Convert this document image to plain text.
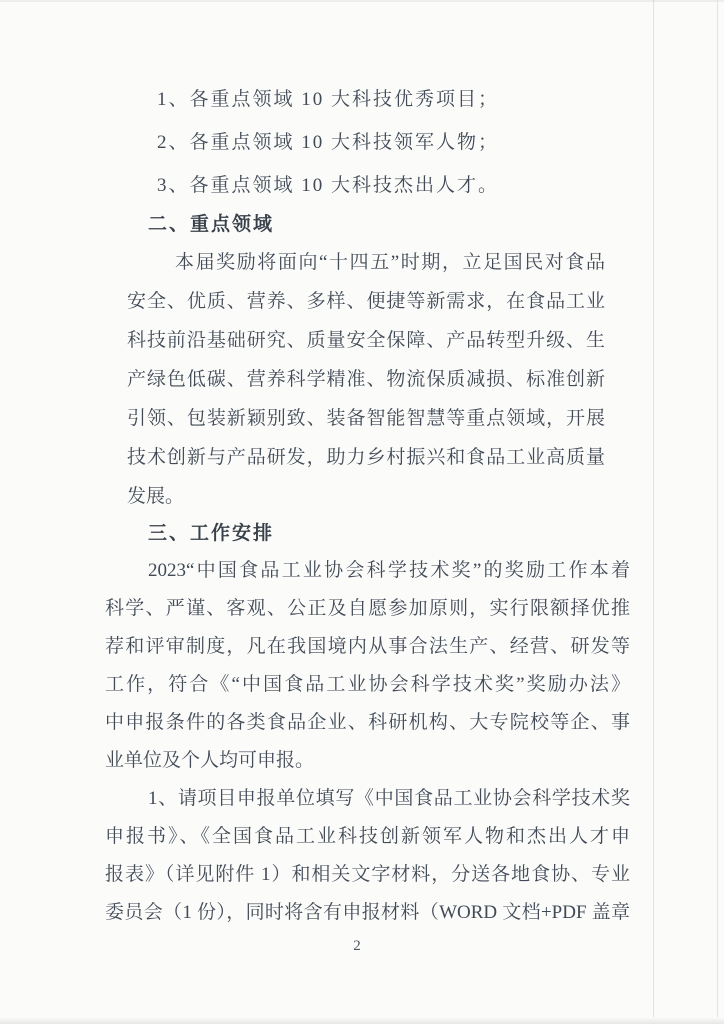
1、各重点领域 10 大科技优秀项目；
2、各重点领域 10 大科技领军人物；
3、各重点领域 10 大科技杰出人才。
二、重点领域
本届奖励将面向“十四五”时期，立足国民对食品
安全、优质、营养、多样、便捷等新需求，在食品工业
科技前沿基础研究、质量安全保障、产品转型升级、生
产绿色低碳、营养科学精准、物流保质减损、标准创新
引领、包装新颖别致、装备智能智慧等重点领域，开展
技术创新与产品研发，助力乡村振兴和食品工业高质量
发展。
三、工作安排
2023“中国食品工业协会科学技术奖”的奖励工作本着
科学、严谨、客观、公正及自愿参加原则，实行限额择优推
荐和评审制度，凡在我国境内从事合法生产、经营、研发等
工作，符合《“中国食品工业协会科学技术奖”奖励办法》
中申报条件的各类食品企业、科研机构、大专院校等企、事
业单位及个人均可申报。
1、请项目申报单位填写《中国食品工业协会科学技术奖
申报书》、《全国食品工业科技创新领军人物和杰出人才申
报表》（详见附件 1）和相关文字材料，分送各地食协、专业
委员会（1 份），同时将含有申报材料（WORD 文档+PDF 盖章
2
